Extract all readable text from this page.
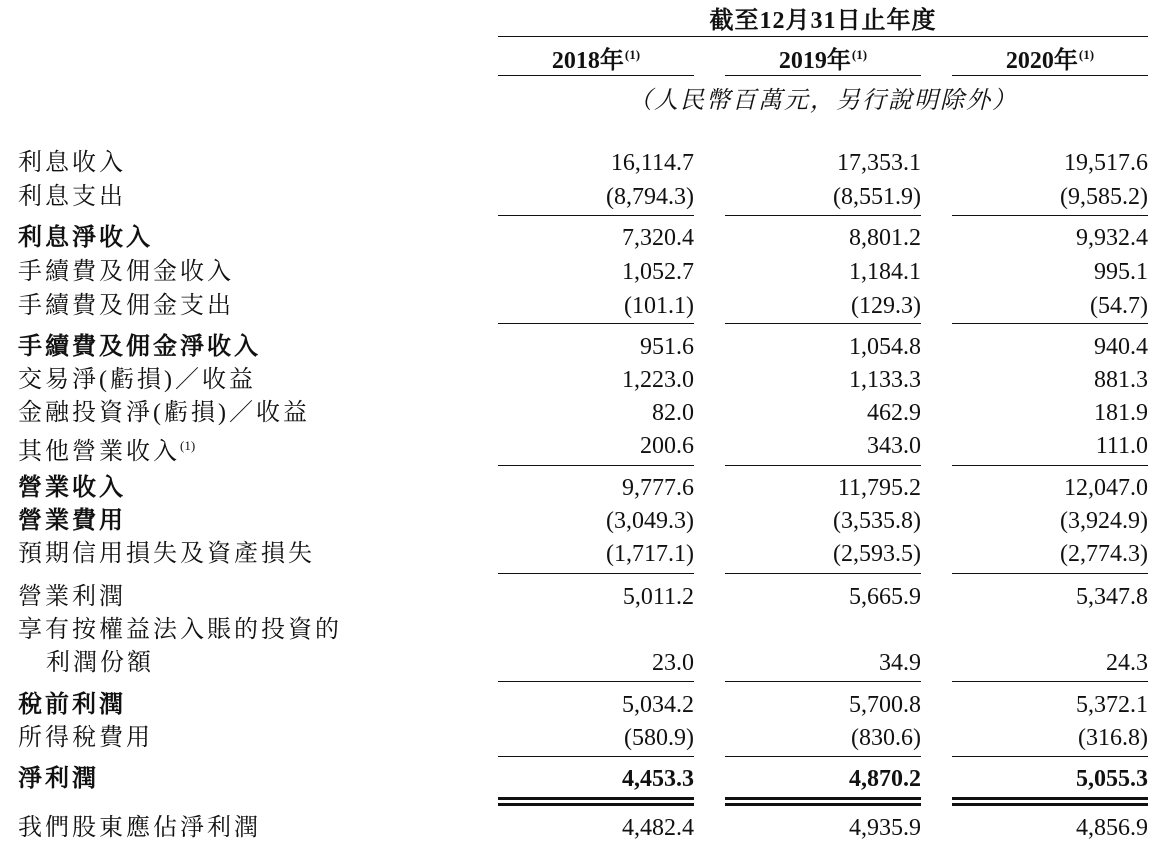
截至12月31日止年度
2018年$^{(1)}$	2019年$^{(1)}$	2020年$^{(1)}$
（人民幣百萬元，另行說明除外）
利息收入	16,114.7	17,353.1	19,517.6
利息支出	(8,794.3)	(8,551.9)	(9,585.2)
利息淨收入	7,320.4	8,801.2	9,932.4
手續費及佣金收入	1,052.7	1,184.1	995.1
手續費及佣金支出	(101.1)	(129.3)	(54.7)
手續費及佣金淨收入	951.6	1,054.8	940.4
交易淨(虧損)／收益	1,223.0	1,133.3	881.3
金融投資淨(虧損)／收益	82.0	462.9	181.9
其他營業收入$^{(1)}$	200.6	343.0	111.0
營業收入	9,777.6	11,795.2	12,047.0
營業費用	(3,049.3)	(3,535.8)	(3,924.9)
預期信用損失及資產損失	(1,717.1)	(2,593.5)	(2,774.3)
營業利潤	5,011.2	5,665.9	5,347.8
享有按權益法入賬的投資的
利潤份額	23.0	34.9	24.3
稅前利潤	5,034.2	5,700.8	5,372.1
所得稅費用	(580.9)	(830.6)	(316.8)
淨利潤	4,453.3	4,870.2	5,055.3
我們股東應佔淨利潤	4,482.4	4,935.9	4,856.9
